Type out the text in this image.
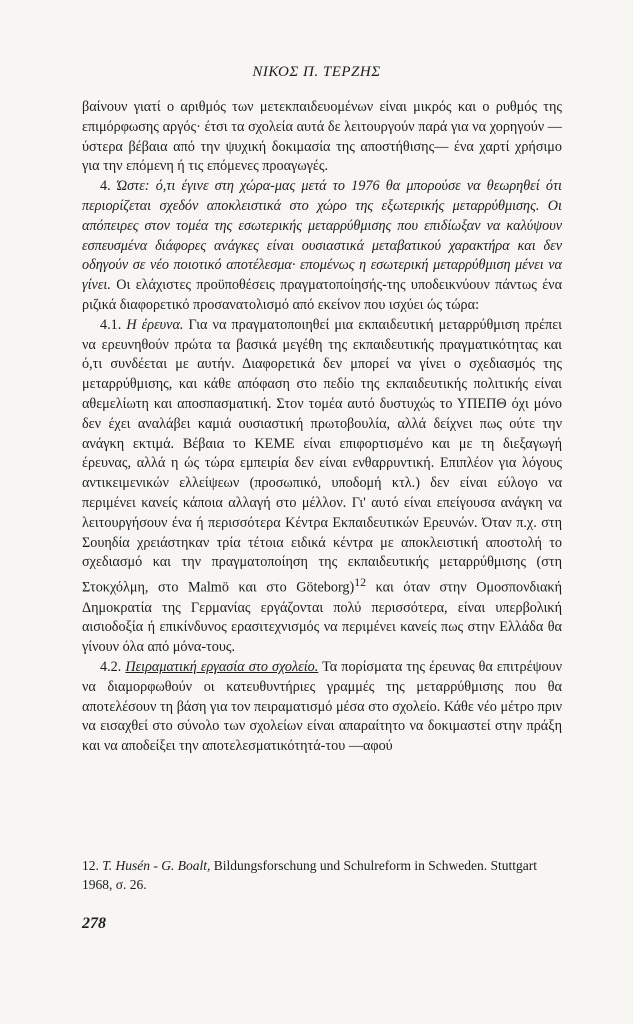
ΝΙΚΟΣ Π. ΤΕΡΖΗΣ

βαίνουν γιατί ο αριθμός των μετεκπαιδευομένων είναι μικρός και ο ρυθμός της επιμόρφωσης αργός· έτσι τα σχολεία αυτά δε λειτουργούν παρά για να χορηγούν —ύστερα βέβαια από την ψυχική δοκιμασία της αποστήθισης— ένα χαρτί χρήσιμο για την επόμενη ή τις επόμενες προαγωγές.

4. Ώστε: ό,τι έγινε στη χώρα-μας μετά το 1976 θα μπορούσε να θεωρηθεί ότι περιορίζεται σχεδόν αποκλειστικά στο χώρο της εξωτερικής μεταρρύθμισης. Οι απόπειρες στον τομέα της εσωτερικής μεταρρύθμισης που επιδίωξαν να καλύψουν εσπευσμένα διάφορες ανάγκες είναι ουσιαστικά μεταβατικού χαρακτήρα και δεν οδηγούν σε νέο ποιοτικό αποτέλεσμα· επομένως η εσωτερική μεταρρύθμιση μένει να γίνει. Οι ελάχιστες προϋποθέσεις πραγματοποίησής-της υποδεικνύουν πάντως ένα ριζικά διαφορετικό προσανατολισμό από εκείνον που ισχύει ώς τώρα:

4.1. Η έρευνα. Για να πραγματοποιηθεί μια εκπαιδευτική μεταρρύθμιση πρέπει να ερευνηθούν πρώτα τα βασικά μεγέθη της εκπαιδευτικής πραγματικότητας και ό,τι συνδέεται με αυτήν. Διαφορετικά δεν μπορεί να γίνει ο σχεδιασμός της μεταρρύθμισης, και κάθε απόφαση στο πεδίο της εκπαιδευτικής πολιτικής είναι αθεμελίωτη και αποσπασματική. Στον τομέα αυτό δυστυχώς το ΥΠΕΠΘ όχι μόνο δεν έχει αναλάβει καμιά ουσιαστική πρωτοβουλία, αλλά δείχνει πως ούτε την ανάγκη εκτιμά. Βέβαια το ΚΕΜΕ είναι επιφορτισμένο και με τη διεξαγωγή έρευνας, αλλά η ώς τώρα εμπειρία δεν είναι ενθαρρυντική. Επιπλέον για λόγους αντικειμενικών ελλείψεων (προσωπικό, υποδομή κτλ.) δεν είναι εύλογο να περιμένει κανείς κάποια αλλαγή στο μέλλον. Γι' αυτό είναι επείγουσα ανάγκη να λειτουργήσουν ένα ή περισσότερα Κέντρα Εκπαιδευτικών Ερευνών. Όταν π.χ. στη Σουηδία χρειάστηκαν τρία τέτοια ειδικά κέντρα με αποκλειστική αποστολή το σχεδιασμό και την πραγματοποίηση της εκπαιδευτικής μεταρρύθμισης (στη Στοκχόλμη, στο Malmö και στο Göteborg)$^{12}$ και όταν στην Ομοσπονδιακή Δημοκρατία της Γερμανίας εργάζονται πολύ περισσότερα, είναι υπερβολική αισιοδοξία ή επικίνδυνος ερασιτεχνισμός να περιμένει κανείς πως στην Ελλάδα θα γίνουν όλα από μόνα-τους.

4.2. Πειραματική εργασία στο σχολείο. Τα πορίσματα της έρευνας θα επιτρέψουν να διαμορφωθούν οι κατευθυντήριες γραμμές της μεταρρύθμισης που θα αποτελέσουν τη βάση για τον πειραματισμό μέσα στο σχολείο. Κάθε νέο μέτρο πριν να εισαχθεί στο σύνολο των σχολείων είναι απαραίτητο να δοκιμαστεί στην πράξη και να αποδείξει την αποτελεσματικότητά-του —αφού

12. T. Husén - G. Boalt, Bildungsforschung und Schulreform in Schweden. Stuttgart 1968, σ. 26.
278
